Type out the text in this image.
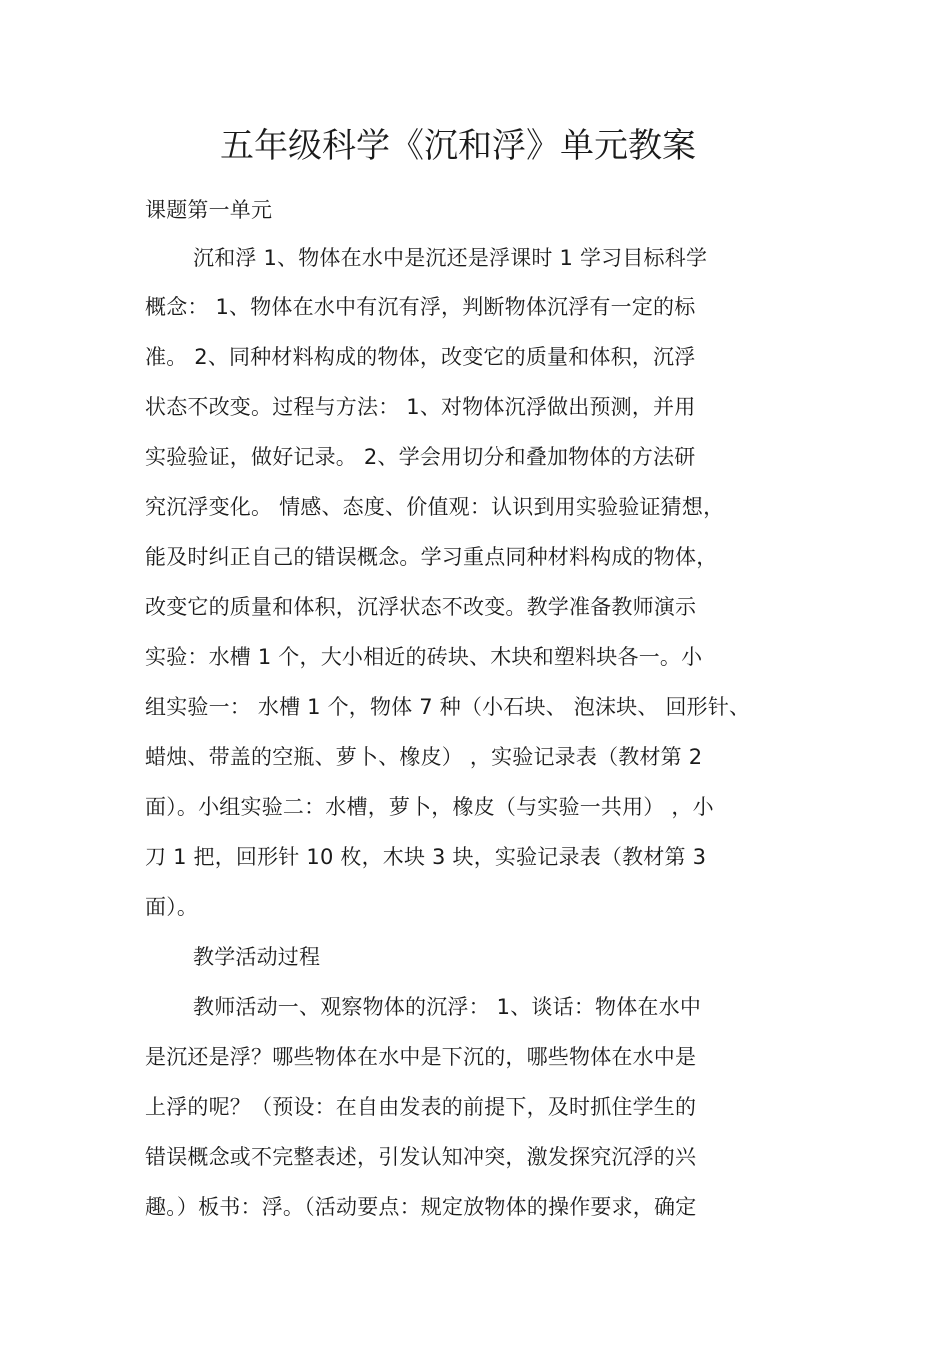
五年级科学《沉和浮》单元教案
课题第一单元
沉和浮 1、物体在水中是沉还是浮课时 1 学习目标科学
概念： 1、物体在水中有沉有浮，判断物体沉浮有一定的标
准。 2、同种材料构成的物体，改变它的质量和体积，沉浮
状态不改变。过程与方法： 1、对物体沉浮做出预测，并用
实验验证，做好记录。 2、学会用切分和叠加物体的方法研
究沉浮变化。 情感、态度、价值观：认识到用实验验证猜想，
能及时纠正自己的错误概念。学习重点同种材料构成的物体，
改变它的质量和体积，沉浮状态不改变。教学准备教师演示
实验：水槽 1 个，大小相近的砖块、木块和塑料块各一。小
组实验一： 水槽 1 个，物体 7 种（小石块、 泡沫块、 回形针、
蜡烛、带盖的空瓶、萝卜、橡皮） ，实验记录表（教材第 2
面）。小组实验二：水槽，萝卜，橡皮（与实验一共用） ，小
刀 1 把，回形针 10 枚，木块 3 块，实验记录表（教材第 3
面）。
教学活动过程
教师活动一、观察物体的沉浮： 1、谈话：物体在水中
是沉还是浮？哪些物体在水中是下沉的，哪些物体在水中是
上浮的呢？（预设：在自由发表的前提下，及时抓住学生的
错误概念或不完整表述，引发认知冲突，激发探究沉浮的兴
趣。）板书：浮。（活动要点：规定放物体的操作要求，确定
